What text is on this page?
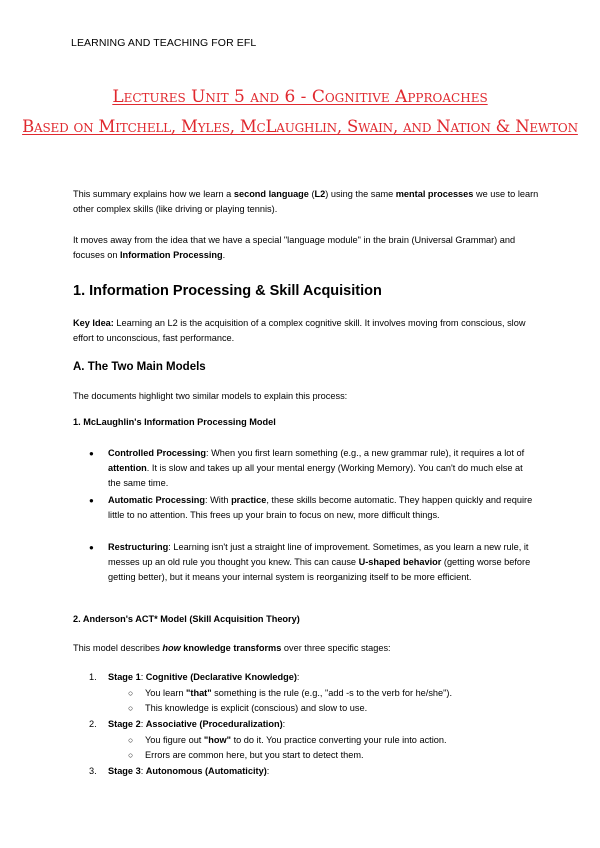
LEARNING AND TEACHING FOR EFL
Lectures Unit 5 and 6 - Cognitive Approaches
Based on Mitchell, Myles, McLaughlin, Swain, and Nation & Newton
This summary explains how we learn a second language (L2) using the same mental processes we use to learn other complex skills (like driving or playing tennis).
It moves away from the idea that we have a special "language module" in the brain (Universal Grammar) and focuses on Information Processing.
1. Information Processing & Skill Acquisition
Key Idea: Learning an L2 is the acquisition of a complex cognitive skill. It involves moving from conscious, slow effort to unconscious, fast performance.
A. The Two Main Models
The documents highlight two similar models to explain this process:
1. McLaughlin's Information Processing Model
● Controlled Processing: When you first learn something (e.g., a new grammar rule), it requires a lot of attention. It is slow and takes up all your mental energy (Working Memory). You can't do much else at the same time.
● Automatic Processing: With practice, these skills become automatic. They happen quickly and require little to no attention. This frees up your brain to focus on new, more difficult things.
● Restructuring: Learning isn't just a straight line of improvement. Sometimes, as you learn a new rule, it messes up an old rule you thought you knew. This can cause U-shaped behavior (getting worse before getting better), but it means your internal system is reorganizing itself to be more efficient.
2. Anderson's ACT* Model (Skill Acquisition Theory)
This model describes how knowledge transforms over three specific stages:
1. Stage 1: Cognitive (Declarative Knowledge):
○ You learn "that" something is the rule (e.g., "add -s to the verb for he/she").
○ This knowledge is explicit (conscious) and slow to use.
2. Stage 2: Associative (Proceduralization):
○ You figure out "how" to do it. You practice converting your rule into action.
○ Errors are common here, but you start to detect them.
3. Stage 3: Autonomous (Automaticity):
